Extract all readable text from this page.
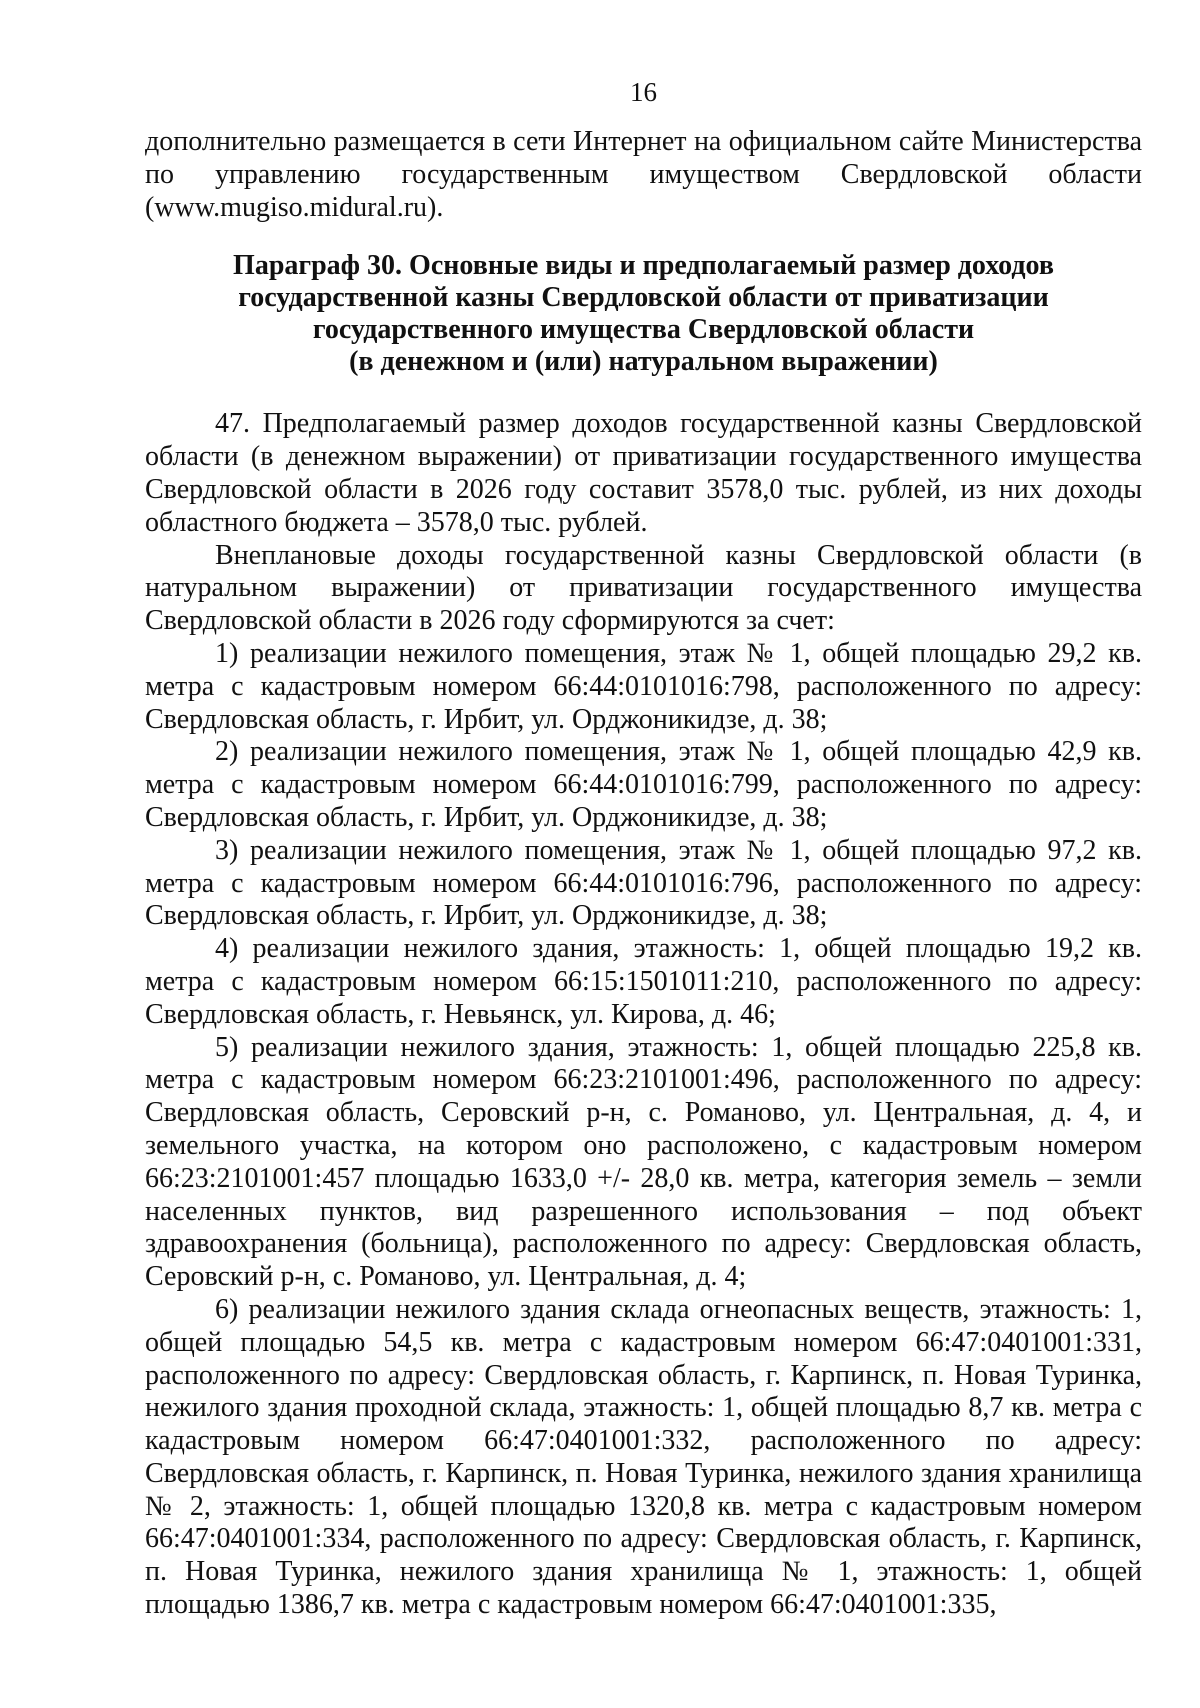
16

дополнительно размещается в сети Интернет на официальном сайте Министерства по управлению государственным имуществом Свердловской области (www.mugiso.midural.ru).

Параграф 30. Основные виды и предполагаемый размер доходов
государственной казны Свердловской области от приватизации
государственного имущества Свердловской области
(в денежном и (или) натуральном выражении)

47. Предполагаемый размер доходов государственной казны Свердловской области (в денежном выражении) от приватизации государственного имущества Свердловской области в 2026 году составит 3578,0 тыс. рублей, из них доходы областного бюджета – 3578,0 тыс. рублей.

Внеплановые доходы государственной казны Свердловской области (в натуральном выражении) от приватизации государственного имущества Свердловской области в 2026 году сформируются за счет:

1) реализации нежилого помещения, этаж № 1, общей площадью 29,2 кв. метра с кадастровым номером 66:44:0101016:798, расположенного по адресу: Свердловская область, г. Ирбит, ул. Орджоникидзе, д. 38;

2) реализации нежилого помещения, этаж № 1, общей площадью 42,9 кв. метра с кадастровым номером 66:44:0101016:799, расположенного по адресу: Свердловская область, г. Ирбит, ул. Орджоникидзе, д. 38;

3) реализации нежилого помещения, этаж № 1, общей площадью 97,2 кв. метра с кадастровым номером 66:44:0101016:796, расположенного по адресу: Свердловская область, г. Ирбит, ул. Орджоникидзе, д. 38;

4) реализации нежилого здания, этажность: 1, общей площадью 19,2 кв. метра с кадастровым номером 66:15:1501011:210, расположенного по адресу: Свердловская область, г. Невьянск, ул. Кирова, д. 46;

5) реализации нежилого здания, этажность: 1, общей площадью 225,8 кв. метра с кадастровым номером 66:23:2101001:496, расположенного по адресу: Свердловская область, Серовский р-н, с. Романово, ул. Центральная, д. 4, и земельного участка, на котором оно расположено, с кадастровым номером 66:23:2101001:457 площадью 1633,0 +/- 28,0 кв. метра, категория земель – земли населенных пунктов, вид разрешенного использования – под объект здравоохранения (больница), расположенного по адресу: Свердловская область, Серовский р-н, с. Романово, ул. Центральная, д. 4;

6) реализации нежилого здания склада огнеопасных веществ, этажность: 1, общей площадью 54,5 кв. метра с кадастровым номером 66:47:0401001:331, расположенного по адресу: Свердловская область, г. Карпинск, п. Новая Туринка, нежилого здания проходной склада, этажность: 1, общей площадью 8,7 кв. метра с кадастровым номером 66:47:0401001:332, расположенного по адресу: Свердловская область, г. Карпинск, п. Новая Туринка, нежилого здания хранилища № 2, этажность: 1, общей площадью 1320,8 кв. метра с кадастровым номером 66:47:0401001:334, расположенного по адресу: Свердловская область, г. Карпинск, п. Новая Туринка, нежилого здания хранилища № 1, этажность: 1, общей площадью 1386,7 кв. метра с кадастровым номером 66:47:0401001:335,
